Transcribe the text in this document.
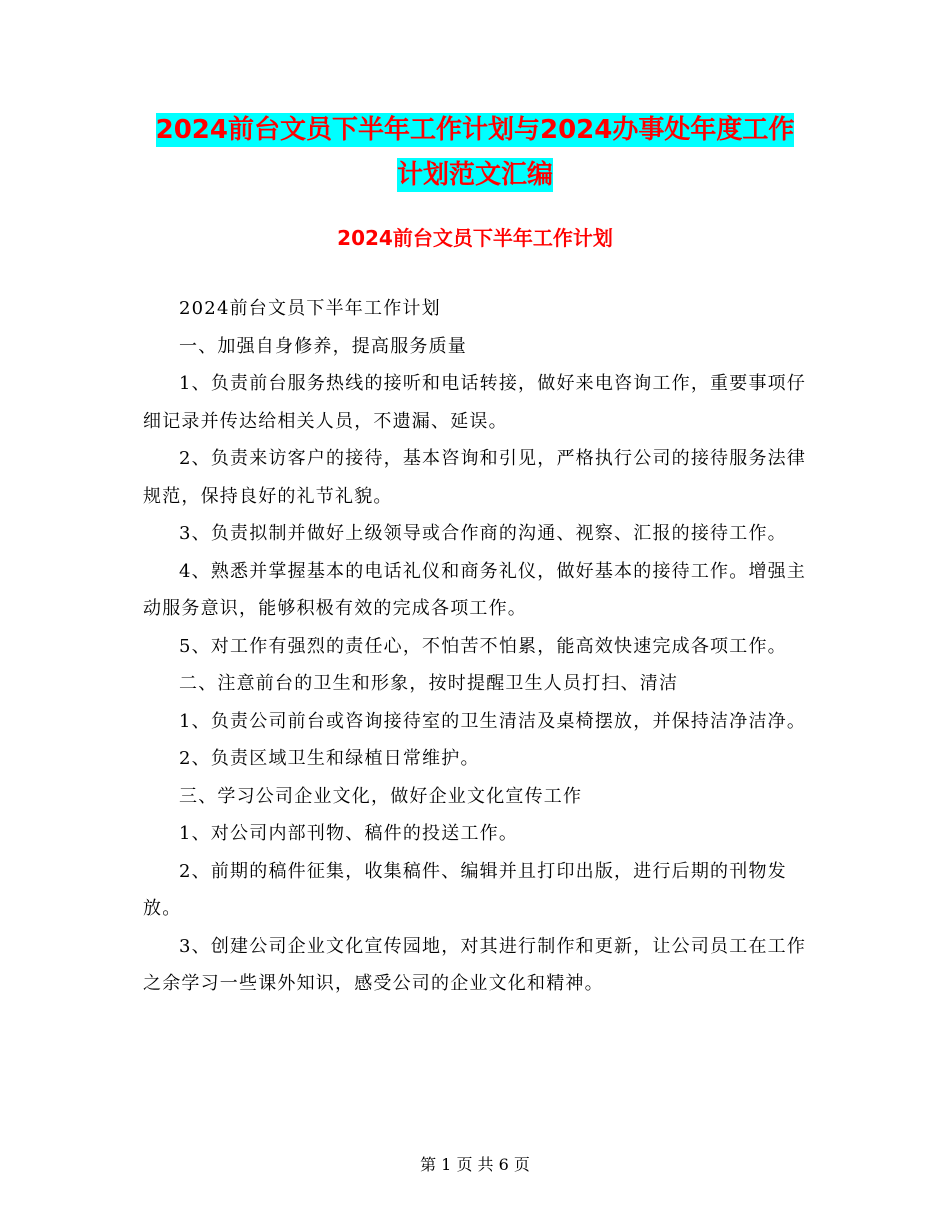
2024前台文员下半年工作计划与2024办事处年度工作
计划范文汇编
2024前台文员下半年工作计划

2024前台文员下半年工作计划

一、加强自身修养，提高服务质量

1、负责前台服务热线的接听和电话转接，做好来电咨询工作，重要事项仔细记录并传达给相关人员，不遗漏、延误。

2、负责来访客户的接待，基本咨询和引见，严格执行公司的接待服务法律规范，保持良好的礼节礼貌。

3、负责拟制并做好上级领导或合作商的沟通、视察、汇报的接待工作。

4、熟悉并掌握基本的电话礼仪和商务礼仪，做好基本的接待工作。增强主动服务意识，能够积极有效的完成各项工作。

5、对工作有强烈的责任心，不怕苦不怕累，能高效快速完成各项工作。

二、注意前台的卫生和形象，按时提醒卫生人员打扫、清洁

1、负责公司前台或咨询接待室的卫生清洁及桌椅摆放，并保持洁净洁净。

2、负责区域卫生和绿植日常维护。

三、学习公司企业文化，做好企业文化宣传工作

1、对公司内部刊物、稿件的投送工作。

2、前期的稿件征集，收集稿件、编辑并且打印出版，进行后期的刊物发放。

3、创建公司企业文化宣传园地，对其进行制作和更新，让公司员工在工作之余学习一些课外知识，感受公司的企业文化和精神。

第 1 页 共 6 页
